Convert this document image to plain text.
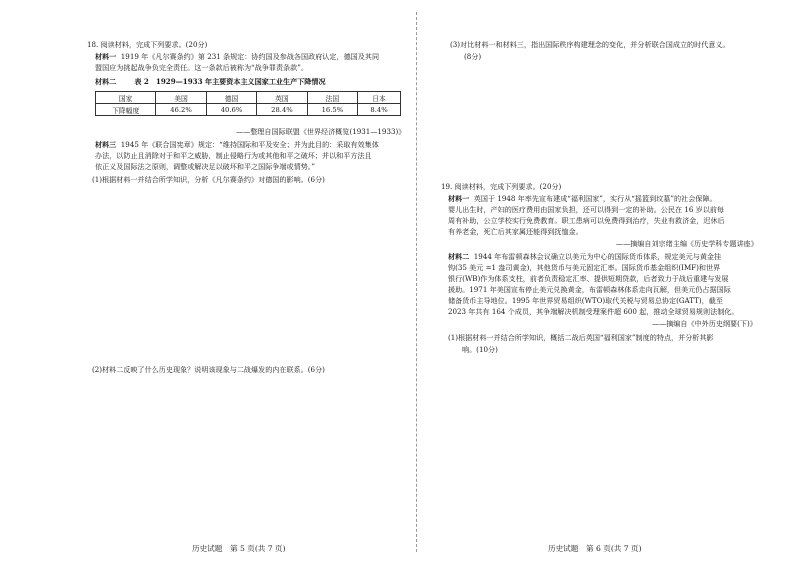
18. 阅读材料，完成下列要求。(20分)
材料一 1919 年《凡尔赛条约》第 231 条规定：协约国及参战各国政府认定，德国及其同
盟国应为挑起战争负完全责任。这一条款后被称为“战争罪责条款”。
材料二	表 2　1929—1933 年主要资本主义国家工业生产下降情况
国家	美国	德国	英国	法国	日本
下降幅度	46.2%	40.6%	28.4%	16.5%	8.4%
——整理自国际联盟《世界经济概览(1931—1933)》
材料三 1945 年《联合国宪章》规定：“维持国际和平及安全；并为此目的：采取有效集体
办法，以防止且消除对于和平之威胁，制止侵略行为或其他和平之破坏；并以和平方法且
依正义及国际法之原则，调整或解决足以破坏和平之国际争端或情势。”
(1)根据材料一并结合所学知识，分析《凡尔赛条约》对德国的影响。(6分)
(2)材料二反映了什么历史现象？说明该现象与二战爆发的内在联系。(6分)
历史试题　第 5 页(共 7 页)
(3)对比材料一和材料三，指出国际秩序构建理念的变化，并分析联合国成立的时代意义。
(8分)
19. 阅读材料，完成下列要求。(20分)
材料一 英国于 1948 年率先宣布建成“福利国家”，实行从“摇篮到坟墓”的社会保障。
婴儿出生时，产妇的医疗费用由国家负担，还可以得到一定的补助。公民在 16 岁以前每
周有补助，公立学校实行免费教育。职工患病可以免费得到治疗，失业有救济金，迟休后
有养老金，死亡后其家属还能得到抚恤金。
——摘编自刘宗绪主编《历史学科专题讲座》
材料二 1944 年布雷顿森林会议确立以美元为中心的国际货币体系，规定美元与黄金挂
钩(35 美元 =1 盎司黄金)，其他货币与美元固定汇率。国际货币基金组织(IMF)和世界
银行(WB)作为体系支柱，前者负责稳定汇率、提供短期贷款，后者致力于战后重建与发展
援助。1971 年美国宣布停止美元兑换黄金，布雷顿森林体系走向瓦解，但美元仍占据国际
储备货币主导地位。1995 年世界贸易组织(WTO)取代关税与贸易总协定(GATT)，截至
2023 年共有 164 个成员，其争端解决机制受理案件超 600 起，推动全球贸易规则法制化。
——摘编自《中外历史纲要(下)》
(1)根据材料一并结合所学知识，概括二战后英国“福利国家”制度的特点，并分析其影
响。(10分)
历史试题　第 6 页(共 7 页)
